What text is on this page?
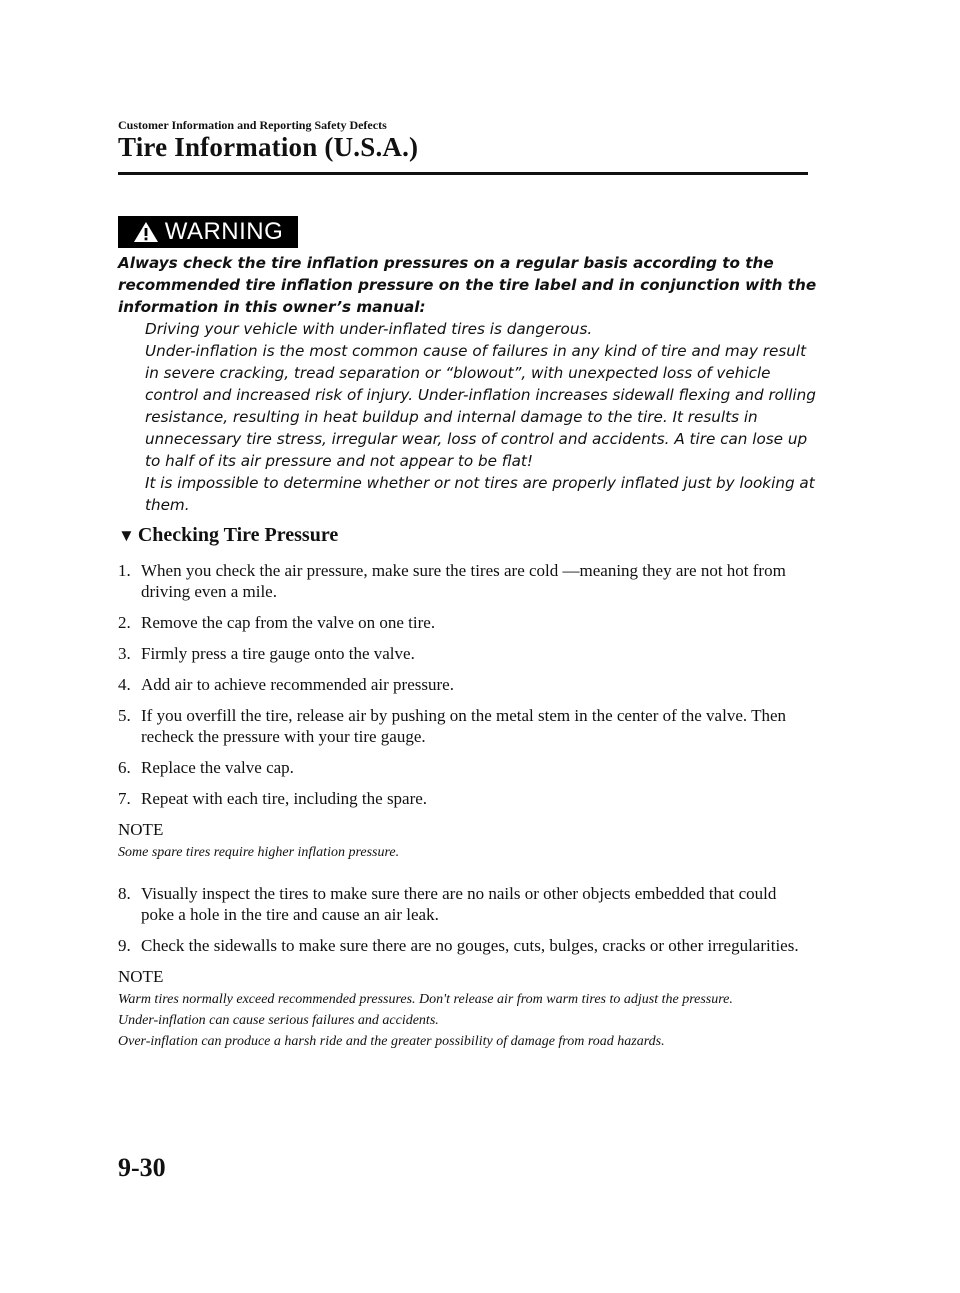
Customer Information and Reporting Safety Defects
Tire Information (U.S.A.)
WARNING

Always check the tire inflation pressures on a regular basis according to the recommended tire inflation pressure on the tire label and in conjunction with the information in this owner’s manual:

Driving your vehicle with under-inflated tires is dangerous.

Under-inflation is the most common cause of failures in any kind of tire and may result in severe cracking, tread separation or “blowout”, with unexpected loss of vehicle control and increased risk of injury. Under-inflation increases sidewall flexing and rolling resistance, resulting in heat buildup and internal damage to the tire. It results in unnecessary tire stress, irregular wear, loss of control and accidents. A tire can lose up to half of its air pressure and not appear to be flat!

It is impossible to determine whether or not tires are properly inflated just by looking at them.

▼ Checking Tire Pressure
1. When you check the air pressure, make sure the tires are cold ―meaning they are not hot from driving even a mile.
2. Remove the cap from the valve on one tire.
3. Firmly press a tire gauge onto the valve.
4. Add air to achieve recommended air pressure.
5. If you overfill the tire, release air by pushing on the metal stem in the center of the valve. Then recheck the pressure with your tire gauge.
6. Replace the valve cap.
7. Repeat with each tire, including the spare.
NOTE
Some spare tires require higher inflation pressure.
8. Visually inspect the tires to make sure there are no nails or other objects embedded that could poke a hole in the tire and cause an air leak.
9. Check the sidewalls to make sure there are no gouges, cuts, bulges, cracks or other irregularities.
NOTE
Warm tires normally exceed recommended pressures. Don't release air from warm tires to adjust the pressure.
Under-inflation can cause serious failures and accidents.
Over-inflation can produce a harsh ride and the greater possibility of damage from road hazards.
9-30
